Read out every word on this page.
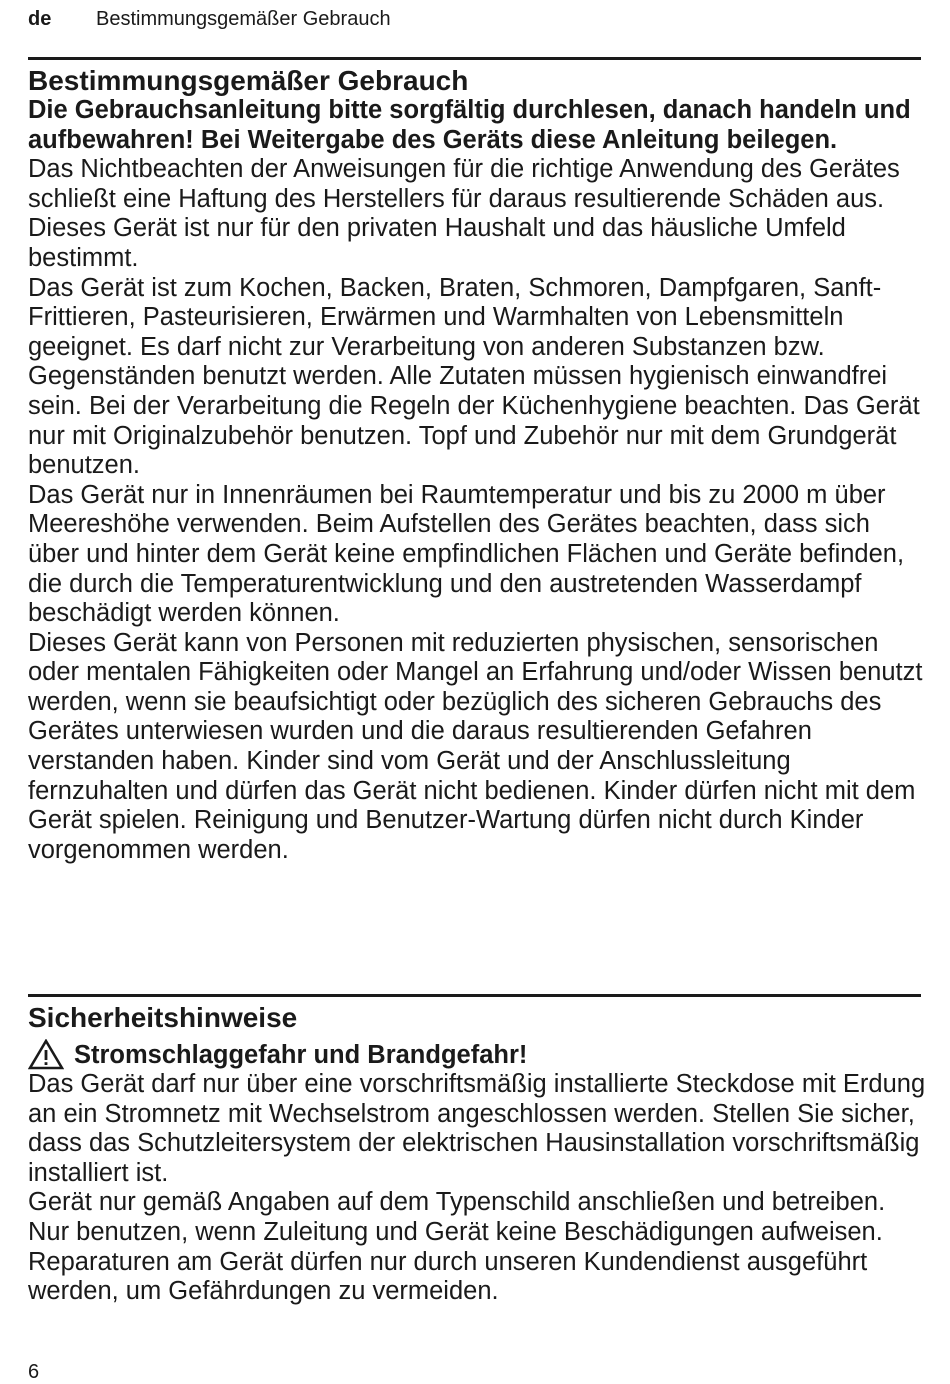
de Bestimmungsgemäßer Gebrauch
Bestimmungsgemäßer Gebrauch

Die Gebrauchsanleitung bitte sorgfältig durchlesen, danach handeln und aufbewahren! Bei Weitergabe des Geräts diese Anleitung beilegen.

Das Nichtbeachten der Anweisungen für die richtige Anwendung des Gerätes schließt eine Haftung des Herstellers für daraus resultierende Schäden aus.

Dieses Gerät ist nur für den privaten Haushalt und das häusliche Umfeld bestimmt.

Das Gerät ist zum Kochen, Backen, Braten, Schmoren, Dampfgaren, Sanft-Frittieren, Pasteurisieren, Erwärmen und Warmhalten von Lebensmitteln geeignet. Es darf nicht zur Verarbeitung von anderen Substanzen bzw. Gegenständen benutzt werden. Alle Zutaten müssen hygienisch einwandfrei sein. Bei der Verarbeitung die Regeln der Küchenhygiene beachten. Das Gerät nur mit Originalzubehör benutzen. Topf und Zubehör nur mit dem Grundgerät benutzen.

Das Gerät nur in Innenräumen bei Raumtemperatur und bis zu 2000 m über Meereshöhe verwenden. Beim Aufstellen des Gerätes beachten, dass sich über und hinter dem Gerät keine empfindlichen Flächen und Geräte befinden, die durch die Temperaturentwicklung und den austretenden Wasserdampf beschädigt werden können.

Dieses Gerät kann von Personen mit reduzierten physischen, sensorischen oder mentalen Fähigkeiten oder Mangel an Erfahrung und/oder Wissen benutzt werden, wenn sie beaufsichtigt oder bezüglich des sicheren Gebrauchs des Gerätes unterwiesen wurden und die daraus resultierenden Gefahren verstanden haben. Kinder sind vom Gerät und der Anschlussleitung fernzuhalten und dürfen das Gerät nicht bedienen. Kinder dürfen nicht mit dem Gerät spielen. Reinigung und Benutzer-Wartung dürfen nicht durch Kinder vorgenommen werden.

Sicherheitshinweise
Stromschlaggefahr und Brandgefahr!

Das Gerät darf nur über eine vorschriftsmäßig installierte Steckdose mit Erdung an ein Stromnetz mit Wechselstrom angeschlossen werden. Stellen Sie sicher, dass das Schutzleitersystem der elektrischen Hausinstallation vorschriftsmäßig installiert ist.

Gerät nur gemäß Angaben auf dem Typenschild anschließen und betreiben. Nur benutzen, wenn Zuleitung und Gerät keine Beschädigungen aufweisen. Reparaturen am Gerät dürfen nur durch unseren Kundendienst ausgeführt werden, um Gefährdungen zu vermeiden.

6
